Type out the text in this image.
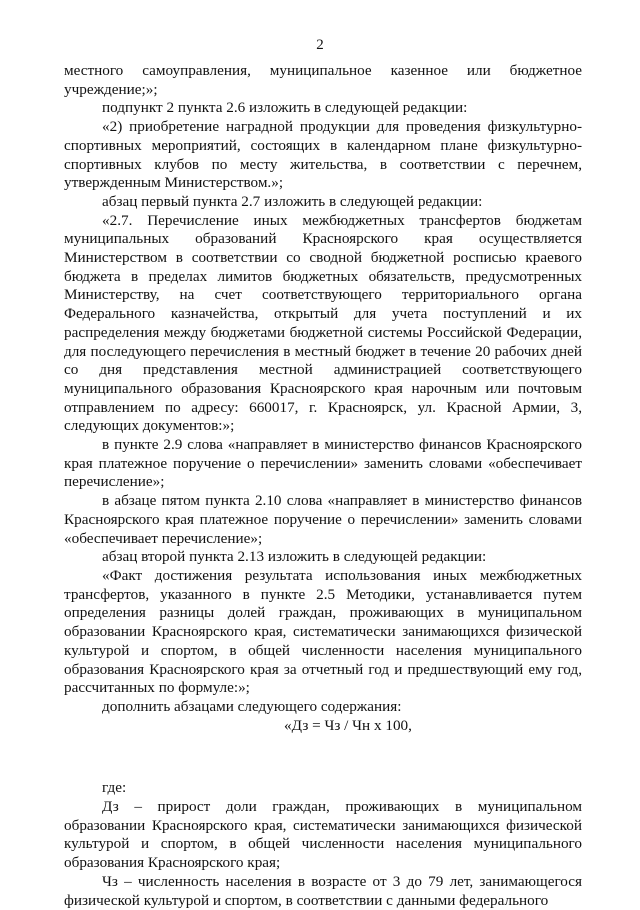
2

местного самоуправления, муниципальное казенное или бюджетное учреждение;»;

подпункт 2 пункта 2.6 изложить в следующей редакции:

«2) приобретение наградной продукции для проведения физкультурно-спортивных мероприятий, состоящих в календарном плане физкультурно-спортивных клубов по месту жительства, в соответствии с перечнем, утвержденным Министерством.»;

абзац первый пункта 2.7 изложить в следующей редакции:

«2.7. Перечисление иных межбюджетных трансфертов бюджетам муниципальных образований Красноярского края осуществляется Министерством в соответствии со сводной бюджетной росписью краевого бюджета в пределах лимитов бюджетных обязательств, предусмотренных Министерству, на счет соответствующего территориального органа Федерального казначейства, открытый для учета поступлений и их распределения между бюджетами бюджетной системы Российской Федерации, для последующего перечисления в местный бюджет в течение 20 рабочих дней со дня представления местной администрацией соответствующего муниципального образования Красноярского края нарочным или почтовым отправлением по адресу: 660017, г. Красноярск, ул. Красной Армии, 3, следующих документов:»;

в пункте 2.9 слова «направляет в министерство финансов Красноярского края платежное поручение о перечислении» заменить словами «обеспечивает перечисление»;

в абзаце пятом пункта 2.10 слова «направляет в министерство финансов Красноярского края платежное поручение о перечислении» заменить словами «обеспечивает перечисление»;

абзац второй пункта 2.13 изложить в следующей редакции:

«Факт достижения результата использования иных межбюджетных трансфертов, указанного в пункте 2.5 Методики, устанавливается путем определения разницы долей граждан, проживающих в муниципальном образовании Красноярского края, систематически занимающихся физической культурой и спортом, в общей численности населения муниципального образования Красноярского края за отчетный год и предшествующий ему год, рассчитанных по формуле:»;

дополнить абзацами следующего содержания:

«Дз = Чз / Чн х 100,

где:

Дз – прирост доли граждан, проживающих в муниципальном образовании Красноярского края, систематически занимающихся физической культурой и спортом, в общей численности населения муниципального образования Красноярского края;

Чз – численность населения в возрасте от 3 до 79 лет, занимающегося физической культурой и спортом, в соответствии с данными федерального
